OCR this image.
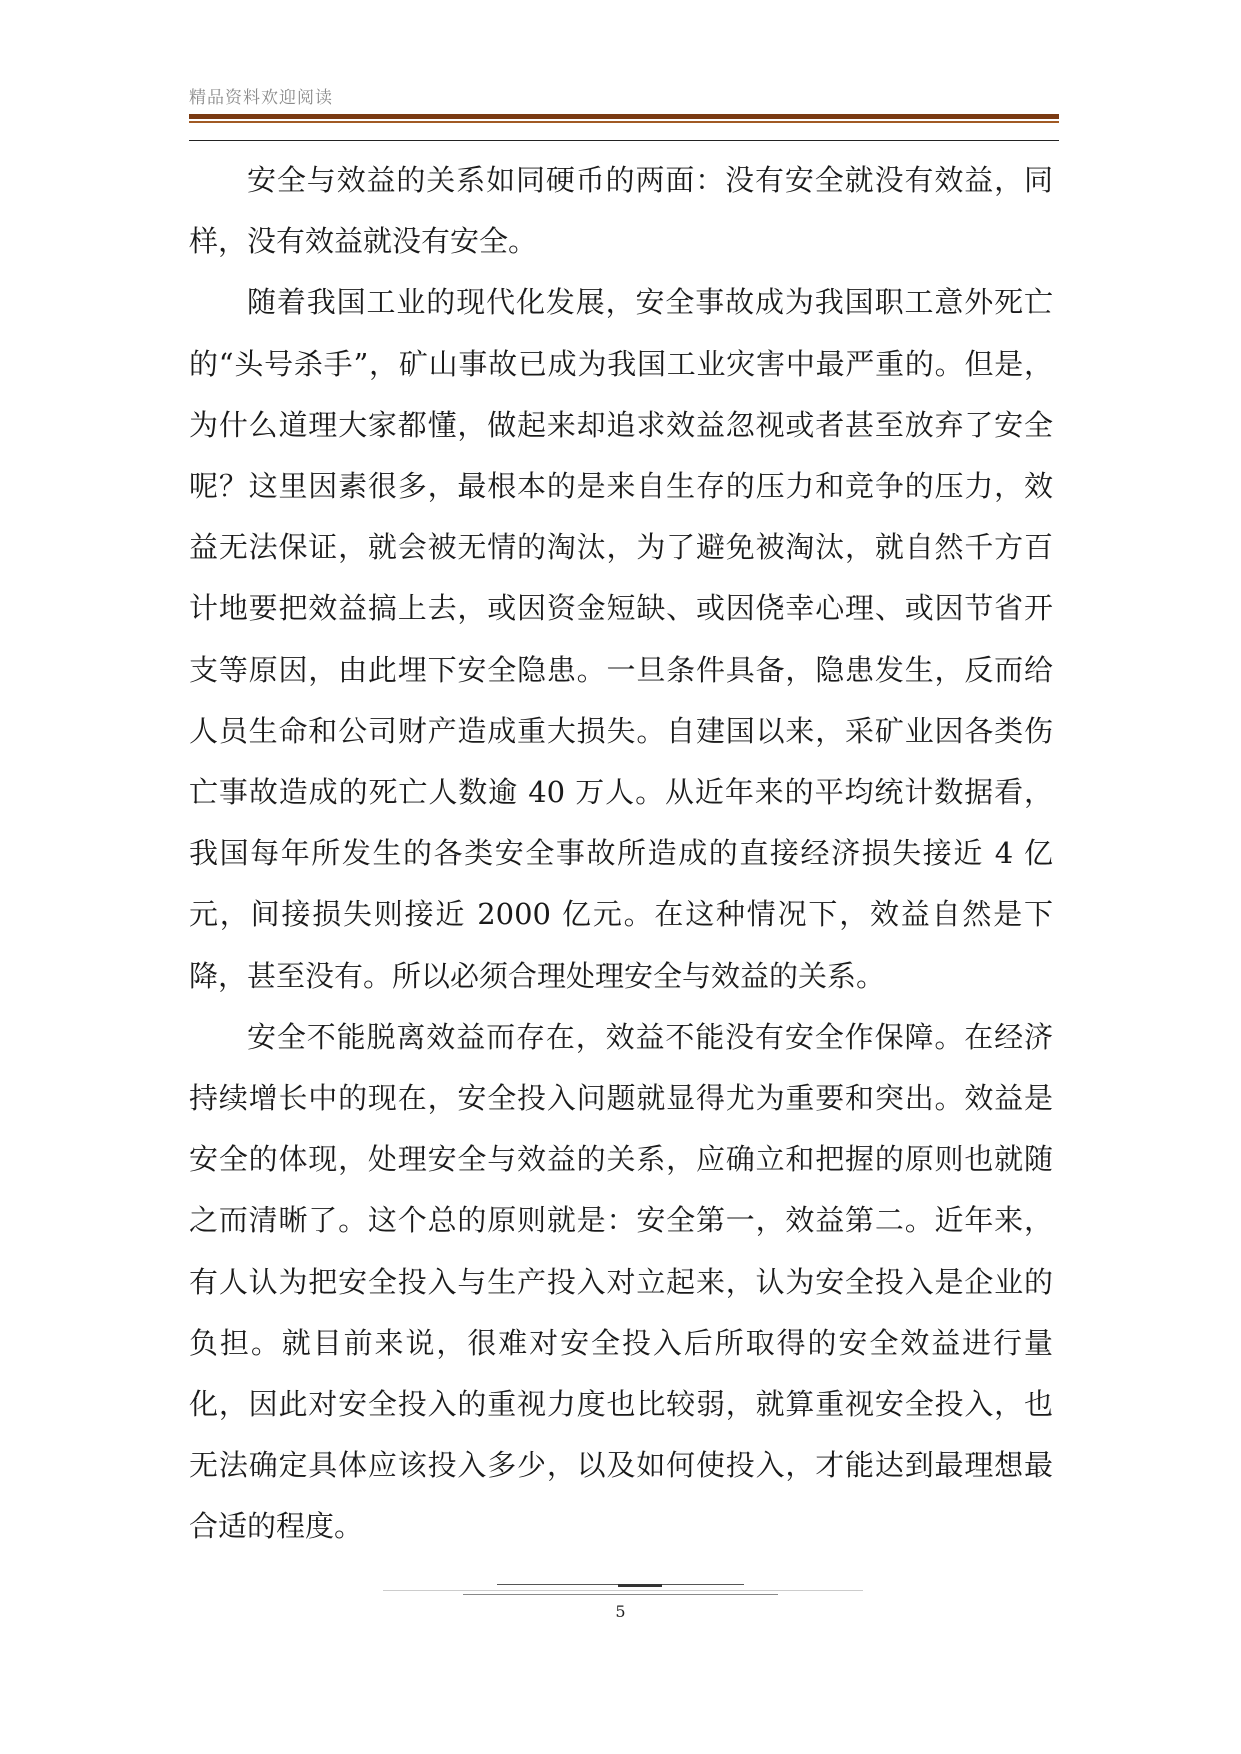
精品资料欢迎阅读

安全与效益的关系如同硬币的两面：没有安全就没有效益，同样，没有效益就没有安全。

随着我国工业的现代化发展，安全事故成为我国职工意外死亡的“头号杀手”，矿山事故已成为我国工业灾害中最严重的。但是，为什么道理大家都懂，做起来却追求效益忽视或者甚至放弃了安全呢？这里因素很多，最根本的是来自生存的压力和竞争的压力，效益无法保证，就会被无情的淘汰，为了避免被淘汰，就自然千方百计地要把效益搞上去，或因资金短缺、或因侥幸心理、或因节省开支等原因，由此埋下安全隐患。一旦条件具备，隐患发生，反而给人员生命和公司财产造成重大损失。自建国以来，采矿业因各类伤亡事故造成的死亡人数逾 40 万人。从近年来的平均统计数据看，我国每年所发生的各类安全事故所造成的直接经济损失接近 4 亿元，间接损失则接近 2000 亿元。在这种情况下，效益自然是下降，甚至没有。所以必须合理处理安全与效益的关系。

安全不能脱离效益而存在，效益不能没有安全作保障。在经济持续增长中的现在，安全投入问题就显得尤为重要和突出。效益是安全的体现，处理安全与效益的关系，应确立和把握的原则也就随之而清晰了。这个总的原则就是：安全第一，效益第二。近年来，有人认为把安全投入与生产投入对立起来，认为安全投入是企业的负担。就目前来说，很难对安全投入后所取得的安全效益进行量化，因此对安全投入的重视力度也比较弱，就算重视安全投入，也无法确定具体应该投入多少，以及如何使投入，才能达到最理想最合适的程度。

5
